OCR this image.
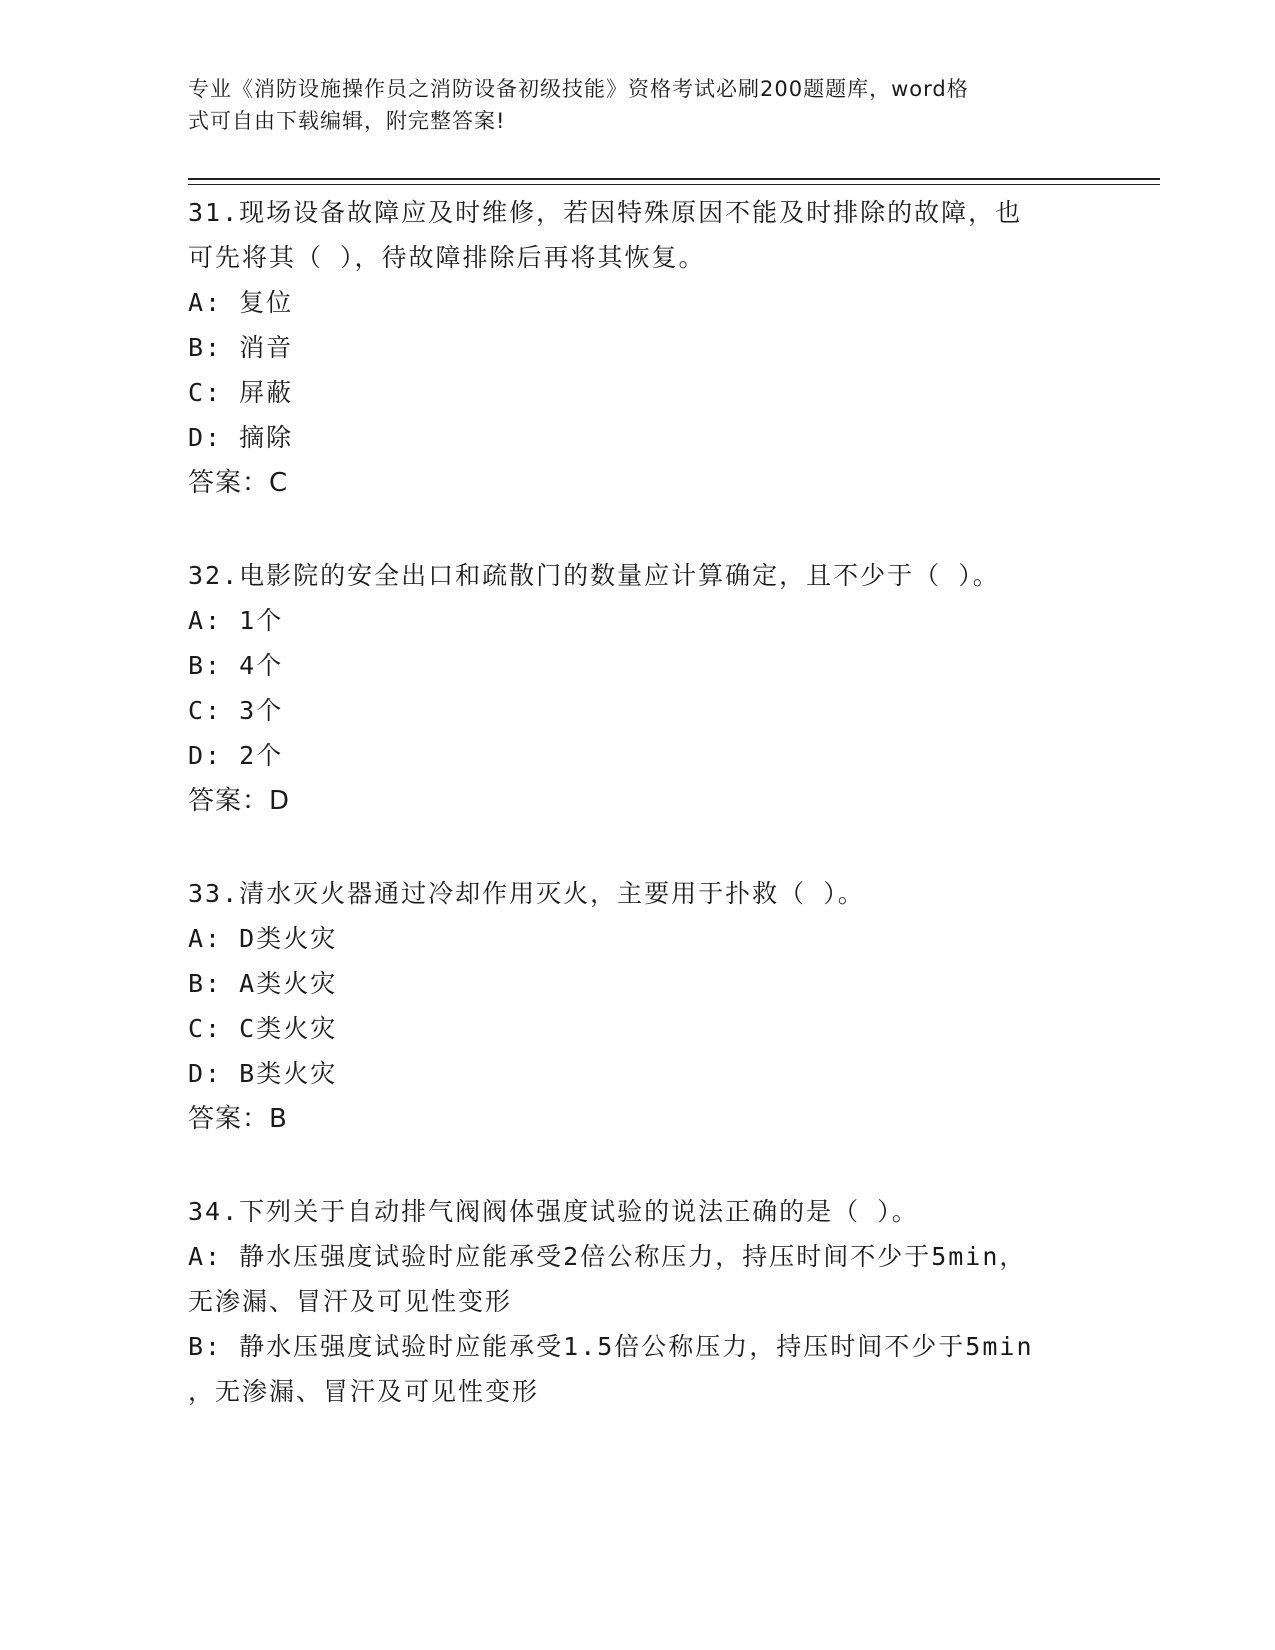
专业《消防设施操作员之消防设备初级技能》资格考试必刷200题题库，word格
式可自由下载编辑，附完整答案!
31.现场设备故障应及时维修，若因特殊原因不能及时排除的故障，也
可先将其（ ），待故障排除后再将其恢复。
A: 复位
B: 消音
C: 屏蔽
D: 摘除
答案：C
32.电影院的安全出口和疏散门的数量应计算确定，且不少于（ ）。
A: 1个
B: 4个
C: 3个
D: 2个
答案：D
33.清水灭火器通过冷却作用灭火，主要用于扑救（ ）。
A: D类火灾
B: A类火灾
C: C类火灾
D: B类火灾
答案：B
34.下列关于自动排气阀阀体强度试验的说法正确的是（ ）。
A: 静水压强度试验时应能承受2倍公称压力，持压时间不少于5min，
无渗漏、冒汗及可见性变形
B: 静水压强度试验时应能承受1.5倍公称压力，持压时间不少于5min
，无渗漏、冒汗及可见性变形
